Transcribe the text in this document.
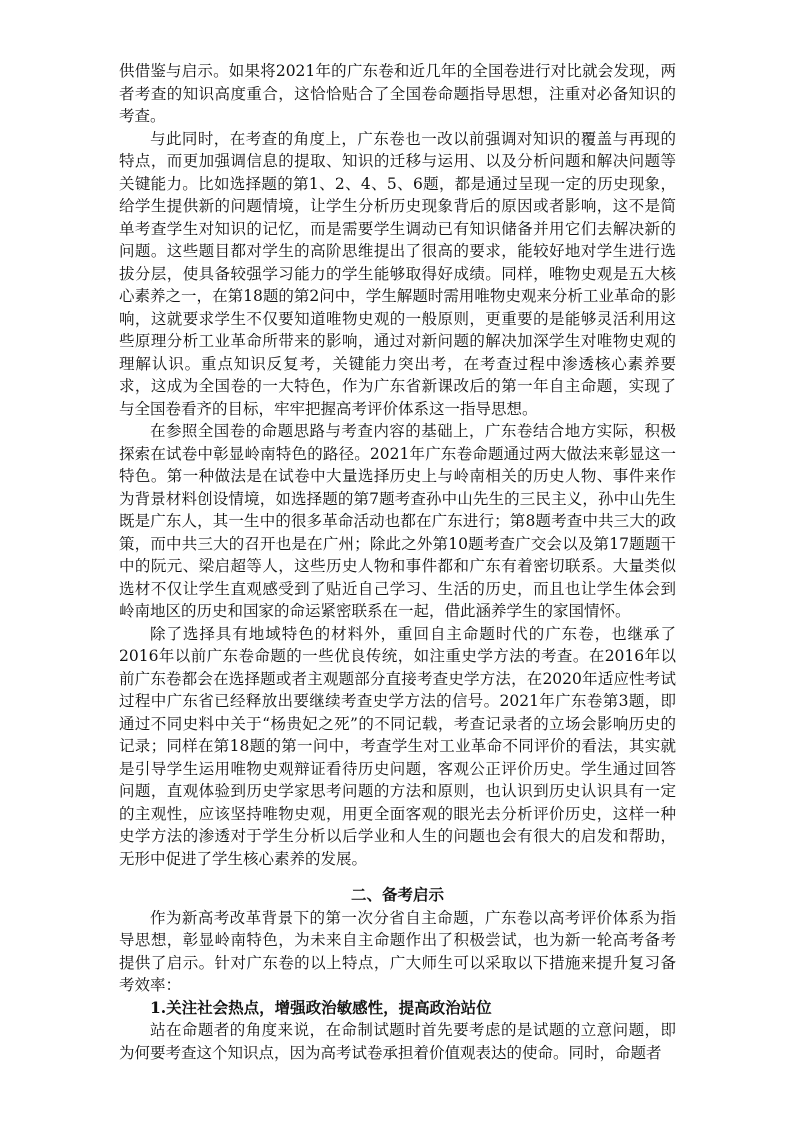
供借鉴与启示。如果将2021年的广东卷和近几年的全国卷进行对比就会发现，两者考查的知识高度重合，这恰恰贴合了全国卷命题指导思想，注重对必备知识的考查。

与此同时，在考查的角度上，广东卷也一改以前强调对知识的覆盖与再现的特点，而更加强调信息的提取、知识的迁移与运用、以及分析问题和解决问题等关键能力。比如选择题的第1、2、4、5、6题，都是通过呈现一定的历史现象，给学生提供新的问题情境，让学生分析历史现象背后的原因或者影响，这不是简单考查学生对知识的记忆，而是需要学生调动已有知识储备并用它们去解决新的问题。这些题目都对学生的高阶思维提出了很高的要求，能较好地对学生进行选拔分层，使具备较强学习能力的学生能够取得好成绩。同样，唯物史观是五大核心素养之一，在第18题的第2问中，学生解题时需用唯物史观来分析工业革命的影响，这就要求学生不仅要知道唯物史观的一般原则，更重要的是能够灵活利用这些原理分析工业革命所带来的影响，通过对新问题的解决加深学生对唯物史观的理解认识。重点知识反复考，关键能力突出考，在考查过程中渗透核心素养要求，这成为全国卷的一大特色，作为广东省新课改后的第一年自主命题，实现了与全国卷看齐的目标，牢牢把握高考评价体系这一指导思想。

在参照全国卷的命题思路与考查内容的基础上，广东卷结合地方实际，积极探索在试卷中彰显岭南特色的路径。2021年广东卷命题通过两大做法来彰显这一特色。第一种做法是在试卷中大量选择历史上与岭南相关的历史人物、事件来作为背景材料创设情境，如选择题的第7题考查孙中山先生的三民主义，孙中山先生既是广东人，其一生中的很多革命活动也都在广东进行；第8题考查中共三大的政策，而中共三大的召开也是在广州；除此之外第10题考查广交会以及第17题题干中的阮元、梁启超等人，这些历史人物和事件都和广东有着密切联系。大量类似选材不仅让学生直观感受到了贴近自己学习、生活的历史，而且也让学生体会到岭南地区的历史和国家的命运紧密联系在一起，借此涵养学生的家国情怀。

除了选择具有地域特色的材料外，重回自主命题时代的广东卷，也继承了2016年以前广东卷命题的一些优良传统，如注重史学方法的考查。在2016年以前广东卷都会在选择题或者主观题部分直接考查史学方法，在2020年适应性考试过程中广东省已经释放出要继续考查史学方法的信号。2021年广东卷第3题，即通过不同史料中关于“杨贵妃之死”的不同记载，考查记录者的立场会影响历史的记录；同样在第18题的第一问中，考查学生对工业革命不同评价的看法，其实就是引导学生运用唯物史观辩证看待历史问题，客观公正评价历史。学生通过回答问题，直观体验到历史学家思考问题的方法和原则，也认识到历史认识具有一定的主观性，应该坚持唯物史观，用更全面客观的眼光去分析评价历史，这样一种史学方法的渗透对于学生分析以后学业和人生的问题也会有很大的启发和帮助，无形中促进了学生核心素养的发展。

二、备考启示

作为新高考改革背景下的第一次分省自主命题，广东卷以高考评价体系为指导思想，彰显岭南特色，为未来自主命题作出了积极尝试，也为新一轮高考备考提供了启示。针对广东卷的以上特点，广大师生可以采取以下措施来提升复习备考效率：

1.关注社会热点，增强政治敏感性，提高政治站位

站在命题者的角度来说，在命制试题时首先要考虑的是试题的立意问题，即为何要考查这个知识点，因为高考试卷承担着价值观表达的使命。同时，命题者
